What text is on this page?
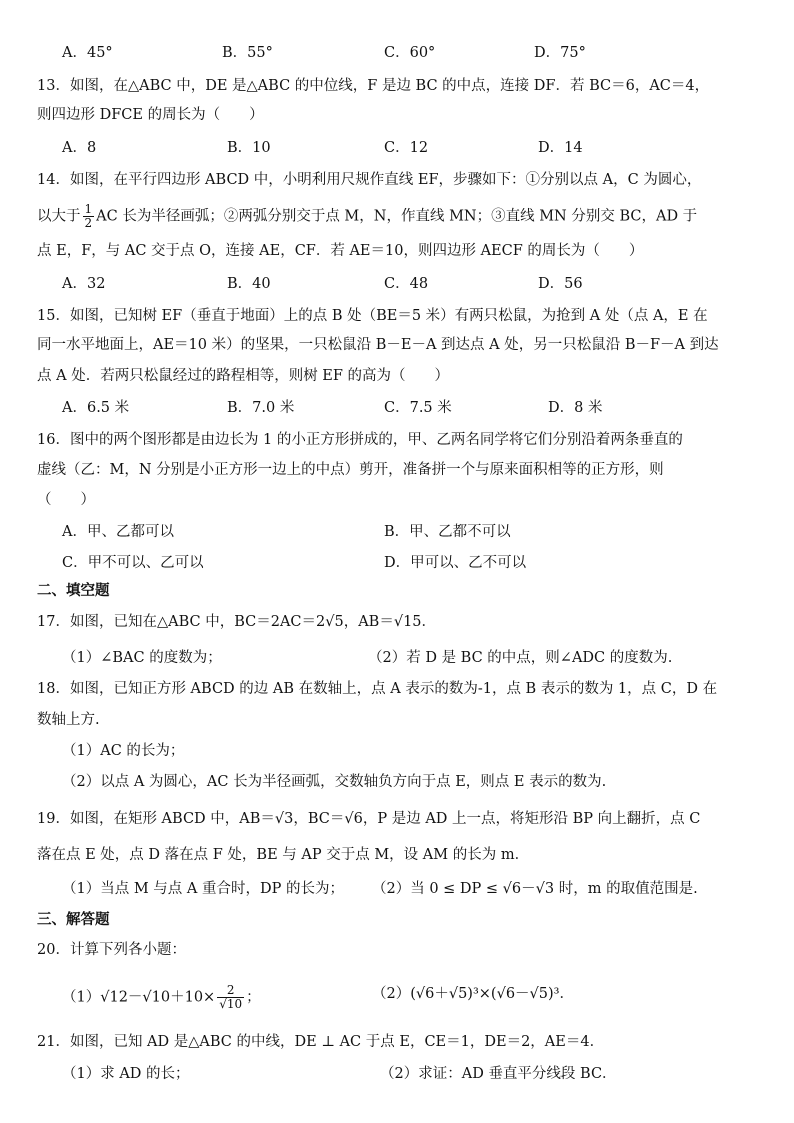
A．45°	B．55°	C．60°	D．75°
13．如图，在△ABC 中，DE 是△ABC 的中位线，F 是边 BC 的中点，连接 DF．若 BC＝6，AC＝4，
则四边形 DFCE 的周长为（　　）
A．8	B．10	C．12	D．14
14．如图，在平行四边形 ABCD 中，小明利用尺规作直线 EF，步骤如下：①分别以点 A，C 为圆心，
以大于 $\frac{1}{2}$ AC 长为半径画弧；②两弧分别交于点 M，N，作直线 MN；③直线 MN 分别交 BC，AD 于
点 E，F，与 AC 交于点 O，连接 AE，CF．若 AE＝10，则四边形 AECF 的周长为（　　）
A．32	B．40	C．48	D．56
15．如图，已知树 EF（垂直于地面）上的点 B 处（BE＝5 米）有两只松鼠，为抢到 A 处（点 A，E 在
同一水平地面上，AE＝10 米）的坚果，一只松鼠沿 B－E－A 到达点 A 处，另一只松鼠沿 B－F－A 到达
点 A 处．若两只松鼠经过的路程相等，则树 EF 的高为（　　）
A．6.5 米	B．7.0 米	C．7.5 米	D．8 米
16．图中的两个图形都是由边长为 1 的小正方形拼成的，甲、乙两名同学将它们分别沿着两条垂直的
虚线（乙：M，N 分别是小正方形一边上的中点）剪开，准备拼一个与原来面积相等的正方形，则
（　　）
A．甲、乙都可以	B．甲、乙都不可以
C．甲不可以、乙可以	D．甲可以、乙不可以
二、填空题
17．如图，已知在△ABC 中，BC＝2AC＝2√5，AB＝√15．
（1）∠BAC 的度数为；	（2）若 D 是 BC 的中点，则∠ADC 的度数为.
18．如图，已知正方形 ABCD 的边 AB 在数轴上，点 A 表示的数为-1，点 B 表示的数为 1，点 C，D 在
数轴上方.
（1）AC 的长为；
（2）以点 A 为圆心，AC 长为半径画弧，交数轴负方向于点 E，则点 E 表示的数为.
19．如图，在矩形 ABCD 中，AB＝√3，BC＝√6，P 是边 AD 上一点，将矩形沿 BP 向上翻折，点 C
落在点 E 处，点 D 落在点 F 处，BE 与 AP 交于点 M，设 AM 的长为 m．
（1）当点 M 与点 A 重合时，DP 的长为； （2）当 0 ≤ DP ≤ √6－√3 时，m 的取值范围是.
三、解答题
20．计算下列各小题：
$(1)√12-√10+10\times \frac{2}{√10}$ ；	（2）(√6＋√5)³×(√6－√5)³．
21．如图，已知 AD 是△ABC 的中线，DE ⊥ AC 于点 E，CE＝1，DE＝2，AE＝4．
（1）求 AD 的长；	（2）求证：AD 垂直平分线段 BC．
